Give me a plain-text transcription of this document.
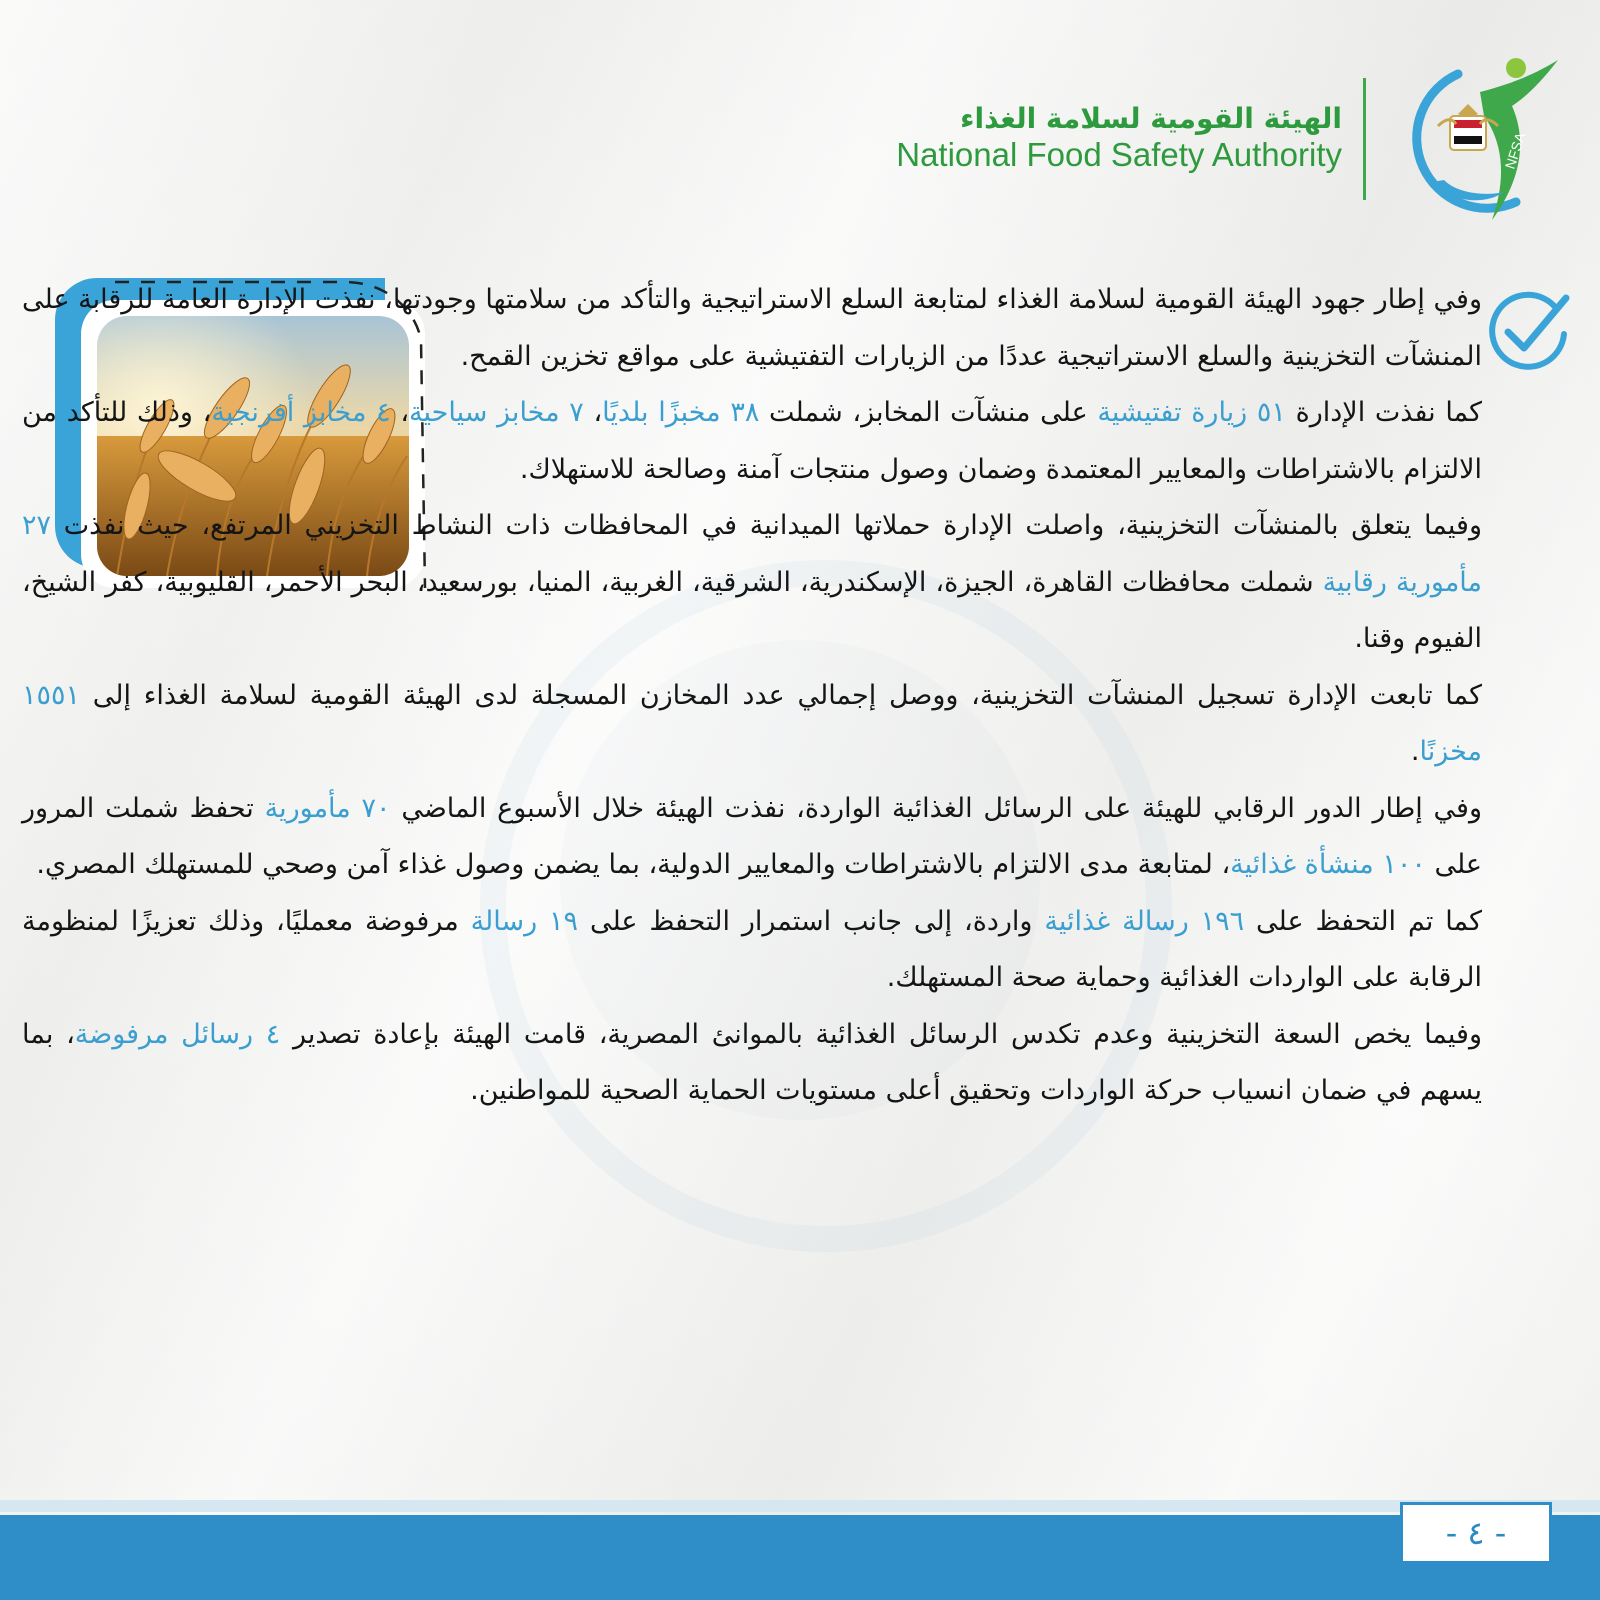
NFSA
الهيئة القومية لسلامة الغذاء
National Food Safety Authority

وفي إطار جهود الهيئة القومية لسلامة الغذاء لمتابعة السلع الاستراتيجية والتأكد من سلامتها وجودتها، نفذت الإدارة العامة للرقابة على المنشآت التخزينية والسلع الاستراتيجية عددًا من الزيارات التفتيشية على مواقع تخزين القمح.

كما نفذت الإدارة ٥١ زيارة تفتيشية على منشآت المخابز، شملت ٣٨ مخبزًا بلديًا، ٧ مخابز سياحية، ٤ مخابز أفرنجية، وذلك للتأكد من الالتزام بالاشتراطات والمعايير المعتمدة وضمان وصول منتجات آمنة وصالحة للاستهلاك.

وفيما يتعلق بالمنشآت التخزينية، واصلت الإدارة حملاتها الميدانية في المحافظات ذات النشاط التخزيني المرتفع، حيث نفذت ٢٧ مأمورية رقابية شملت محافظات القاهرة، الجيزة، الإسكندرية، الشرقية، الغربية، المنيا، بورسعيد، البحر الأحمر، القليوبية، كفر الشيخ، الفيوم وقنا.

كما تابعت الإدارة تسجيل المنشآت التخزينية، ووصل إجمالي عدد المخازن المسجلة لدى الهيئة القومية لسلامة الغذاء إلى ١٥٥١ مخزنًا.

وفي إطار الدور الرقابي للهيئة على الرسائل الغذائية الواردة، نفذت الهيئة خلال الأسبوع الماضي ٧٠ مأمورية تحفظ شملت المرور على ١٠٠ منشأة غذائية، لمتابعة مدى الالتزام بالاشتراطات والمعايير الدولية، بما يضمن وصول غذاء آمن وصحي للمستهلك المصري.

كما تم التحفظ على ١٩٦ رسالة غذائية واردة، إلى جانب استمرار التحفظ على ١٩ رسالة مرفوضة معمليًا، وذلك تعزيزًا لمنظومة الرقابة على الواردات الغذائية وحماية صحة المستهلك.

وفيما يخص السعة التخزينية وعدم تكدس الرسائل الغذائية بالموانئ المصرية، قامت الهيئة بإعادة تصدير ٤ رسائل مرفوضة، بما يسهم في ضمان انسياب حركة الواردات وتحقيق أعلى مستويات الحماية الصحية للمواطنين.

- ٤ -
